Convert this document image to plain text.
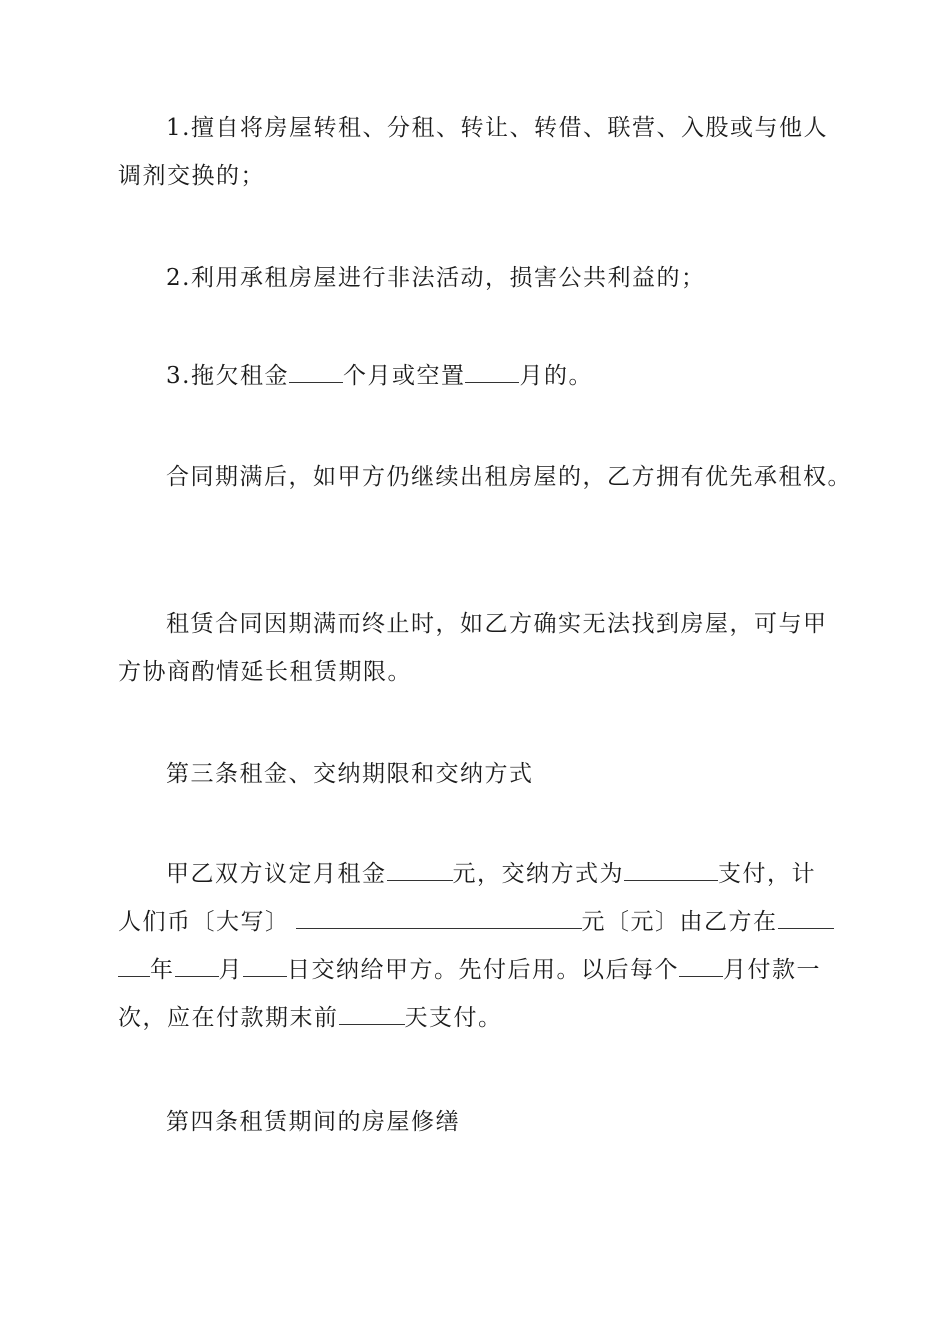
1.擅自将房屋转租、分租、转让、转借、联营、入股或与他人调剂交换的；

2.利用承租房屋进行非法活动，损害公共利益的；

3.拖欠租金 个月或空置 月的。

合同期满后，如甲方仍继续出租房屋的，乙方拥有优先承租权。

租赁合同因期满而终止时，如乙方确实无法找到房屋，可与甲方协商酌情延长租赁期限。

第三条租金、交纳期限和交纳方式

甲乙双方议定月租金	元，交纳方式为	支付，计
人们币〔大写〕	元〔元〕由乙方在
年 月 日交纳给甲方。先付后用。以后每个 月付款一
次，应在付款期末前	天支付。

第四条租赁期间的房屋修缮
